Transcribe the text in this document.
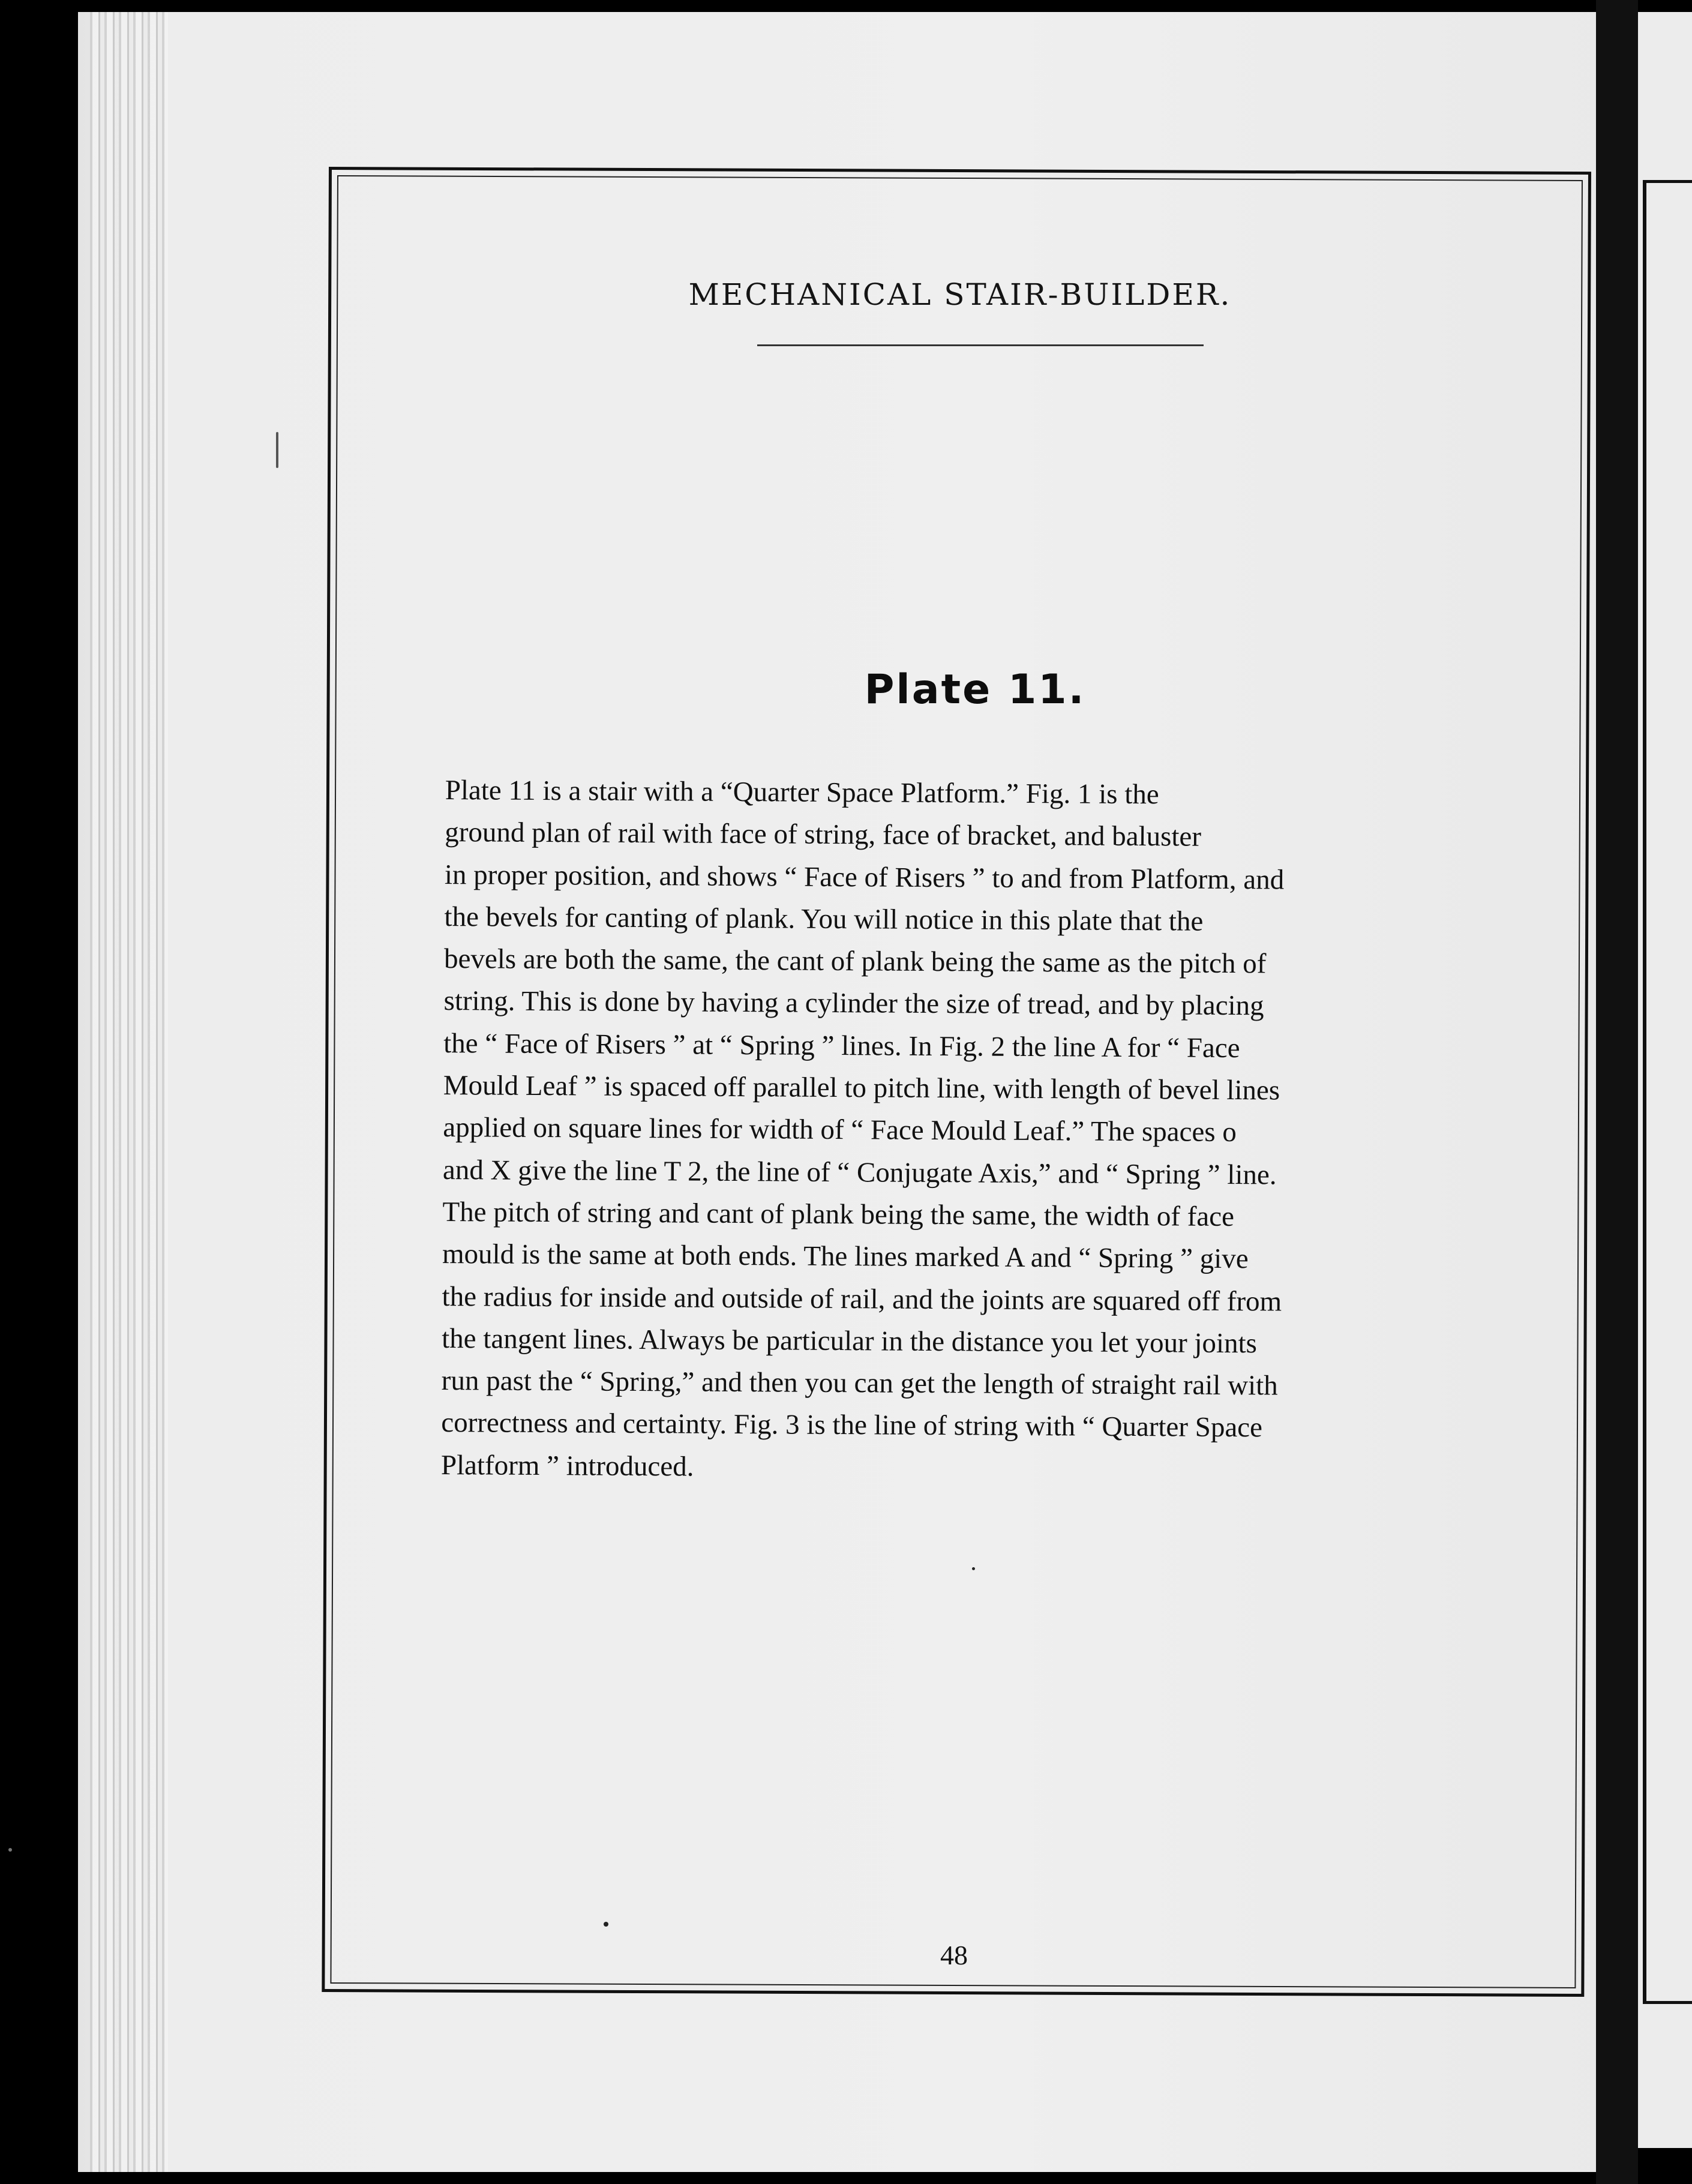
MECHANICAL STAIR-BUILDER.
Plate 11.

Plate 11 is a stair with a “Quarter Space Platform.” Fig. 1 is the
ground plan of rail with face of string, face of bracket, and baluster
in proper position, and shows “ Face of Risers ” to and from Platform, and
the bevels for canting of plank. You will notice in this plate that the
bevels are both the same, the cant of plank being the same as the pitch of
string. This is done by having a cylinder the size of tread, and by placing
the “ Face of Risers ” at “ Spring ” lines. In Fig. 2 the line A for “ Face
Mould Leaf ” is spaced off parallel to pitch line, with length of bevel lines
applied on square lines for width of “ Face Mould Leaf.” The spaces o
and X give the line T 2, the line of “ Conjugate Axis,” and “ Spring ” line.
The pitch of string and cant of plank being the same, the width of face
mould is the same at both ends. The lines marked A and “ Spring ” give
the radius for inside and outside of rail, and the joints are squared off from
the tangent lines. Always be particular in the distance you let your joints
run past the “ Spring,” and then you can get the length of straight rail with
correctness and certainty. Fig. 3 is the line of string with “ Quarter Space
Platform ” introduced.

48
